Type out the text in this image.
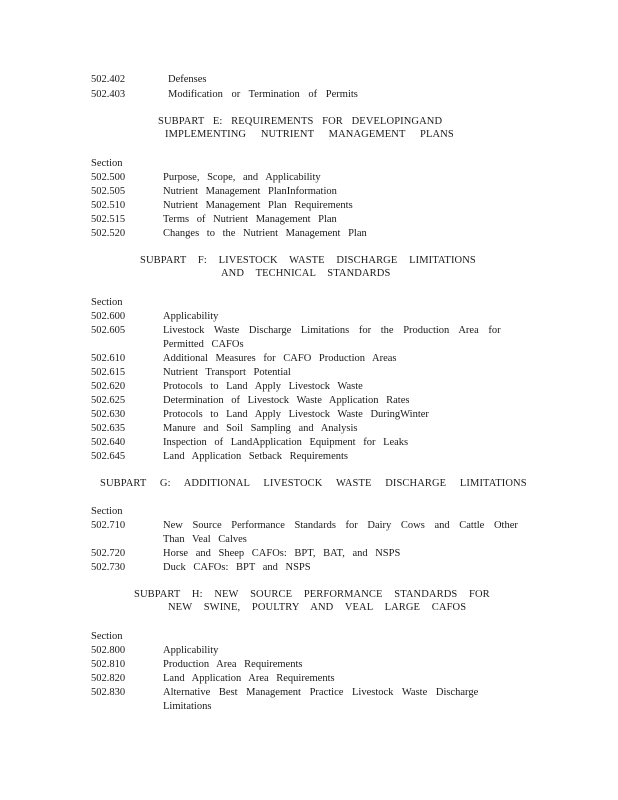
502.402	Defenses
502.403	Modification or Termination of Permits
SUBPART E: REQUIREMENTS FOR DEVELOPINGAND
IMPLEMENTING NUTRIENT MANAGEMENT PLANS
Section
502.500	Purpose, Scope, and Applicability
502.505	Nutrient Management PlanInformation
502.510	Nutrient Management Plan Requirements
502.515	Terms of Nutrient Management Plan
502.520	Changes to the Nutrient Management Plan
SUBPART F: LIVESTOCK WASTE DISCHARGE LIMITATIONS
AND TECHNICAL STANDARDS
Section
502.600	Applicability
502.605	Livestock Waste Discharge Limitations for the Production Area for
Permitted CAFOs
502.610	Additional Measures for CAFO Production Areas
502.615	Nutrient Transport Potential
502.620	Protocols to Land Apply Livestock Waste
502.625	Determination of Livestock Waste Application Rates
502.630	Protocols to Land Apply Livestock Waste DuringWinter
502.635	Manure and Soil Sampling and Analysis
502.640	Inspection of LandApplication Equipment for Leaks
502.645	Land Application Setback Requirements
SUBPART G: ADDITIONAL LIVESTOCK WASTE DISCHARGE LIMITATIONS
Section
502.710	New Source Performance Standards for Dairy Cows and Cattle Other
Than Veal Calves
502.720	Horse and Sheep CAFOs: BPT, BAT, and NSPS
502.730	Duck CAFOs: BPT and NSPS
SUBPART H: NEW SOURCE PERFORMANCE STANDARDS FOR
NEW SWINE, POULTRY AND VEAL LARGE CAFOS
Section
502.800	Applicability
502.810	Production Area Requirements
502.820	Land Application Area Requirements
502.830	Alternative Best Management Practice Livestock Waste Discharge
Limitations
